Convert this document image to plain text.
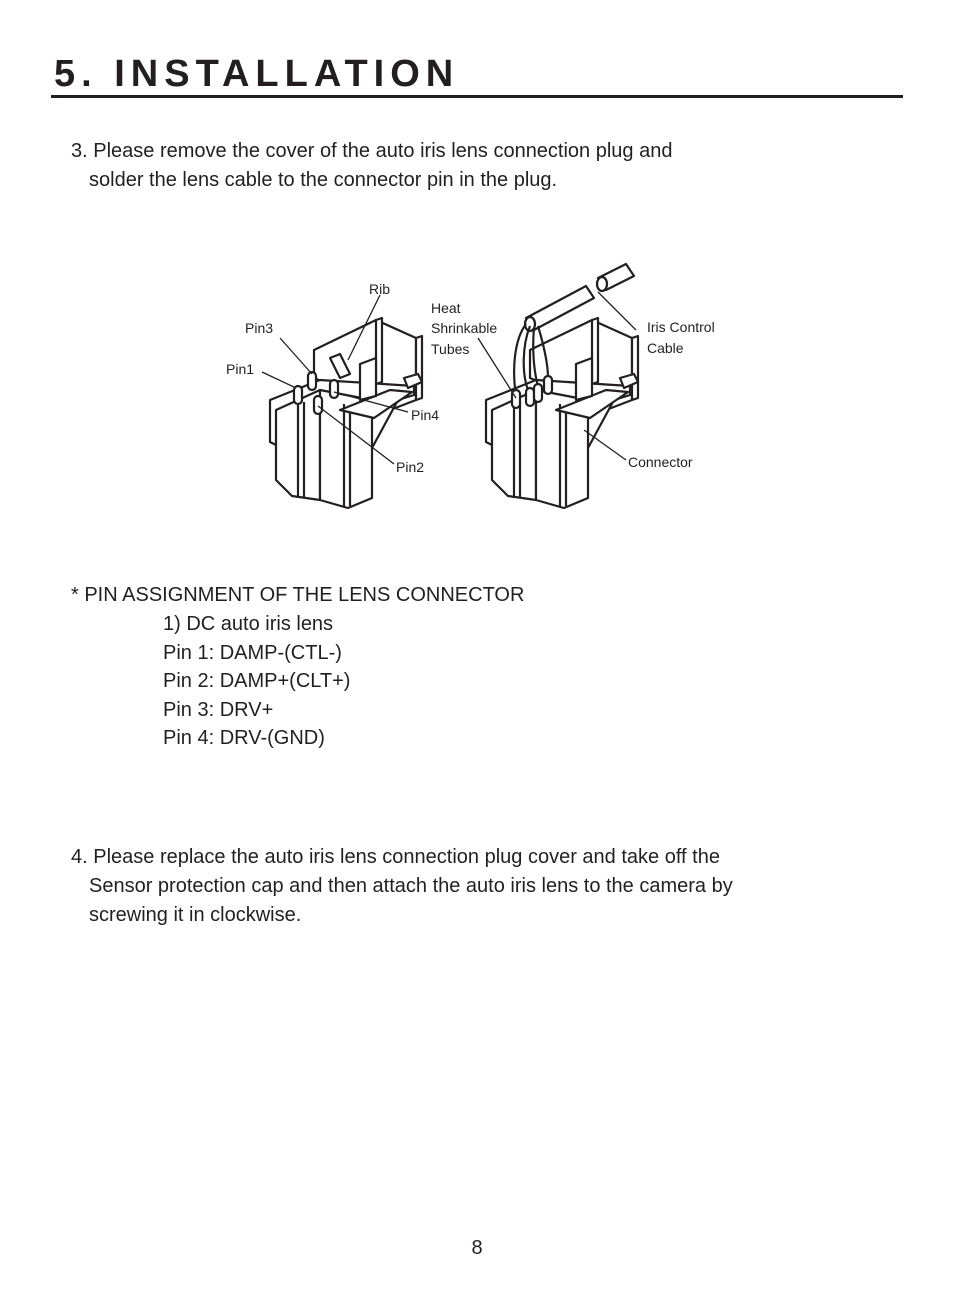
5. INSTALLATION

3. Please remove the cover of the auto iris lens connection plug and
solder the lens cable to the connector pin in the plug.

Rib
Pin3
Pin1
Pin4
Pin2
Heat
Shrinkable
Tubes
Iris Control
Cable
Connector

* PIN ASSIGNMENT OF THE LENS CONNECTOR

1) DC auto iris lens
Pin 1: DAMP-(CTL-)
Pin 2: DAMP+(CLT+)
Pin 3: DRV+
Pin 4: DRV-(GND)

4. Please replace the auto iris lens connection plug cover and take off the
Sensor protection cap and then attach the auto iris lens to the camera by
screwing it in clockwise.

8
